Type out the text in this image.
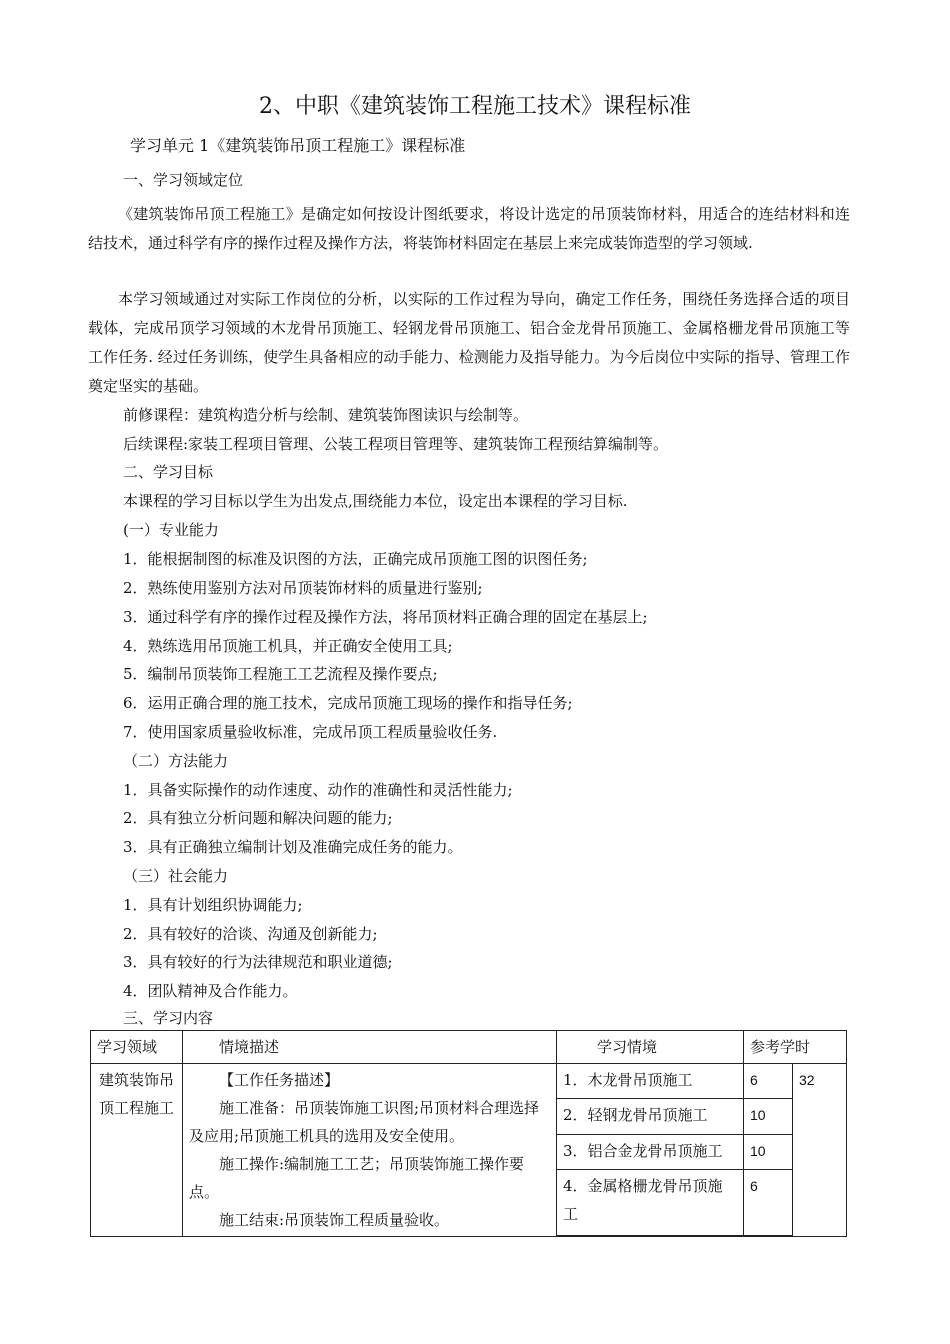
2、中职《建筑装饰工程施工技术》课程标准
学习单元 1《建筑装饰吊顶工程施工》课程标准
一、学习领域定位
《建筑装饰吊顶工程施工》是确定如何按设计图纸要求，将设计选定的吊顶装饰材料，用适合的连结材料和连结技术，通过科学有序的操作过程及操作方法，将装饰材料固定在基层上来完成装饰造型的学习领域.
本学习领域通过对实际工作岗位的分析，以实际的工作过程为导向，确定工作任务，围绕任务选择合适的项目载体，完成吊顶学习领域的木龙骨吊顶施工、轻钢龙骨吊顶施工、铝合金龙骨吊顶施工、金属格栅龙骨吊顶施工等工作任务. 经过任务训练，使学生具备相应的动手能力、检测能力及指导能力。为今后岗位中实际的指导、管理工作奠定坚实的基础。
前修课程：建筑构造分析与绘制、建筑装饰图读识与绘制等。
后续课程:家装工程项目管理、公装工程项目管理等、建筑装饰工程预结算编制等。
二、学习目标
本课程的学习目标以学生为出发点,围绕能力本位，设定出本课程的学习目标.
(一）专业能力
1．能根据制图的标准及识图的方法，正确完成吊顶施工图的识图任务;
2．熟练使用鉴别方法对吊顶装饰材料的质量进行鉴别;
3．通过科学有序的操作过程及操作方法，将吊顶材料正确合理的固定在基层上;
4．熟练选用吊顶施工机具，并正确安全使用工具;
5．编制吊顶装饰工程施工工艺流程及操作要点;
6．运用正确合理的施工技术，完成吊顶施工现场的操作和指导任务;
7．使用国家质量验收标准，完成吊顶工程质量验收任务.
（二）方法能力
1．具备实际操作的动作速度、动作的准确性和灵活性能力;
2．具有独立分析问题和解决问题的能力;
3．具有正确独立编制计划及准确完成任务的能力。
（三）社会能力
1．具有计划组织协调能力;
2．具有较好的洽谈、沟通及创新能力;
3．具有较好的行为法律规范和职业道德;
4．团队精神及合作能力。
三、学习内容
学习领域	情境描述	学习情境	参考学时	
建筑装饰吊顶工程施工	【工作任务描述】
施工准备：吊顶装饰施工识图;吊顶材料合理选择及应用;吊顶施工机具的选用及安全使用。
施工操作:编制施工工艺；吊顶装饰施工操作要点。
施工结束:吊顶装饰工程质量验收。	1．木龙骨吊顶施工	6	32
		2．轻钢龙骨吊顶施工	10	
		3．铝合金龙骨吊顶施工	10	
		4．金属格栅龙骨吊顶施工	6	
